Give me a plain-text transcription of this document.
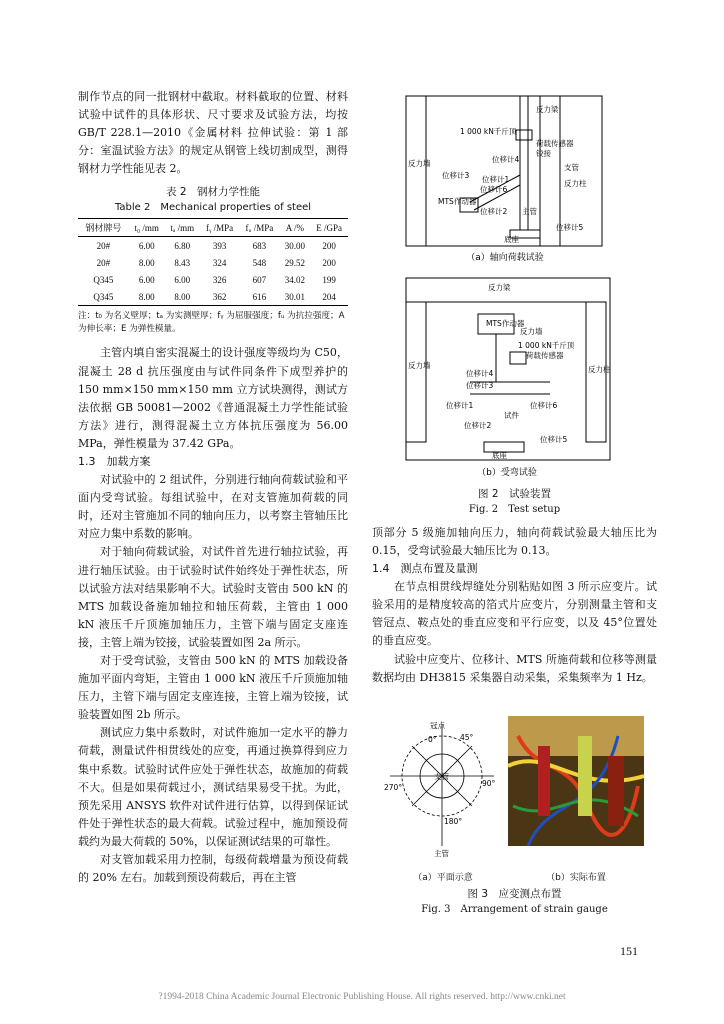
制作节点的同一批钢材中截取。材料截取的位置、材料试验中试件的具体形状、尺寸要求及试验方法，均按 GB/T 228.1—2010《金属材料 拉伸试验：第 1 部分：室温试验方法》的规定从钢管上线切割成型，测得钢材力学性能见表 2。

表 2　钢材力学性能
Table 2　Mechanical properties of steel
钢材牌号	t₀ /mm	tₐ /mm	fᵧ /MPa	fᵤ /MPa	A /%	E /GPa
20#	6.00	6.80	393	683	30.00	200
20#	8.00	8.43	324	548	29.52	200
Q345	6.00	6.00	326	607	34.02	199
Q345	8.00	8.00	362	616	30.01	204
注：t₀ 为名义壁厚；tₐ 为实测壁厚；fᵧ 为屈服强度；fᵤ 为抗拉强度；A 为伸长率；E 为弹性模量。

主管内填自密实混凝土的设计强度等级均为 C50，混凝土 28 d 抗压强度由与试件同条件下成型养护的 150 mm×150 mm×150 mm 立方试块测得，测试方法依据 GB 50081—2002《普通混凝土力学性能试验方法》进行，测得混凝土立方体抗压强度为 56.00 MPa，弹性模量为 37.42 GPa。

1.3　加载方案

对试验中的 2 组试件，分别进行轴向荷载试验和平面内受弯试验。每组试验中，在对支管施加荷载的同时，还对主管施加不同的轴向压力，以考察主管轴压比对应力集中系数的影响。

对于轴向荷载试验，对试件首先进行轴拉试验，再进行轴压试验。由于试验时试件始终处于弹性状态，所以试验方法对结果影响不大。试验时支管由 500 kN 的 MTS 加载设备施加轴拉和轴压荷载，主管由 1 000 kN 液压千斤顶施加轴压力，主管下端与固定支座连接，主管上端为铰接，试验装置如图 2a 所示。

对于受弯试验，支管由 500 kN 的 MTS 加载设备施加平面内弯矩，主管由 1 000 kN 液压千斤顶施加轴压力，主管下端与固定支座连接，主管上端为铰接，试验装置如图 2b 所示。

测试应力集中系数时，对试件施加一定水平的静力荷载，测量试件相贯线处的应变，再通过换算得到应力集中系数。试验时试件应处于弹性状态，故施加的荷载不大。但是如果荷载过小，测试结果易受干扰。为此，预先采用 ANSYS 软件对试件进行估算，以得到保证试件处于弹性状态的最大荷载。试验过程中，施加预设荷载约为最大荷载的 50%，以保证测试结果的可靠性。

对支管加载采用力控制，每级荷载增量为预设荷载的 20% 左右。加载到预设荷载后，再在主管

反力梁
1 000 kN千斤顶
荷载传感器
铰接
位移计4
反力墙	支管
反力柱
位移计3 位移计1
位移计6
MTS作动器
位移计2 主管
位移计5
底座
（a）轴向荷载试验
反力梁
MTS作动器
反力墙
1 000 kN千斤顶
荷载传感器
反力墙	反力柱
位移计4
位移计3
位移计1	位移计6
试件
位移计2
位移计5
底座
（b）受弯试验
图 2　试验装置
Fig. 2　Test setup

顶部分 5 级施加轴向压力，轴向荷载试验最大轴压比为 0.15，受弯试验最大轴压比为 0.13。

1.4　测点布置及量测

在节点相贯线焊缝处分别粘贴如图 3 所示应变片。试验采用的是精度较高的箔式片应变片，分别测量主管和支管冠点、鞍点处的垂直应变和平行应变，以及 45°位置处的垂直应变。

试验中应变片、位移计、MTS 所施荷载和位移等测量数据均由 DH3815 采集器自动采集，采集频率为 1 Hz。

冠点
0°	45°
270°
支管
90°
180°
主管
（a）平面示意	（b）实际布置
图 3　应变测点布置
Fig. 3　Arrangement of strain gauge
151
?1994-2018 China Academic Journal Electronic Publishing House. All rights reserved. http://www.cnki.net
